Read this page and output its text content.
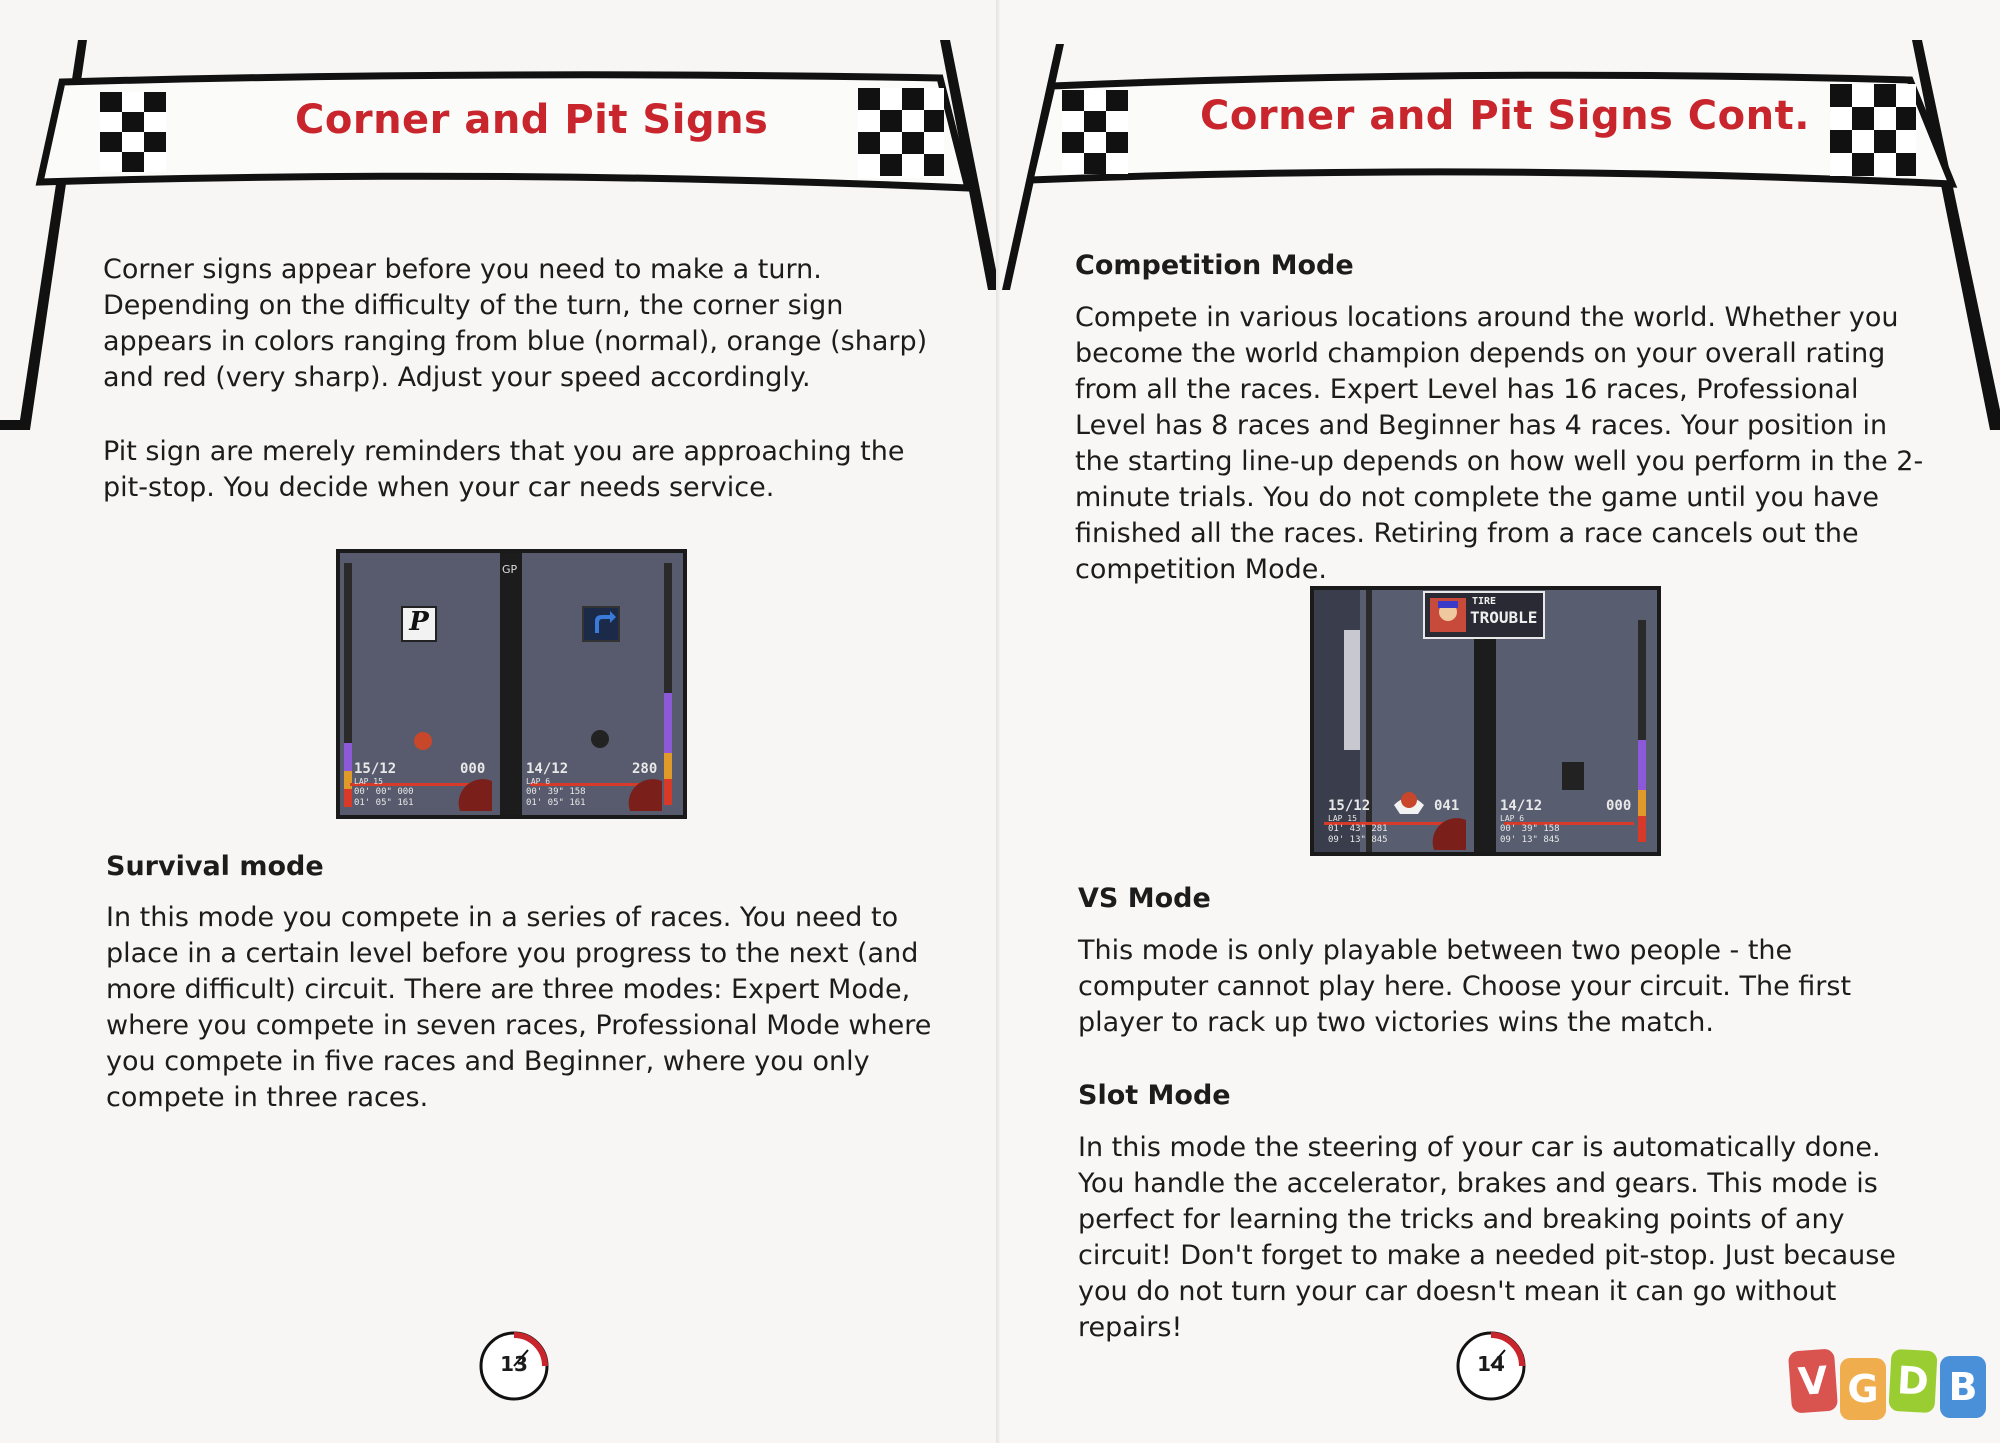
Corner and Pit Signs

Corner signs appear before you need to make a turn. Depending on the difficulty of the turn, the corner sign appears in colors ranging from blue (normal), orange (sharp) and red (very sharp). Adjust your speed accordingly.

Pit sign are merely reminders that you are approaching the pit-stop. You decide when your car needs service.

GP
P
15/12	000
LAP 15
00' 00" 000
01' 05" 161
14/12	280
LAP 6
00' 39" 158
01' 05" 161
Survival mode

In this mode you compete in a series of races. You need to place in a certain level before you progress to the next (and more difficult) circuit. There are three modes: Expert Mode, where you compete in seven races, Professional Mode where you compete in five races and Beginner, where you only compete in three races.

13
Corner and Pit Signs Cont.
Competition Mode

Compete in various locations around the world. Whether you become the world champion depends on your overall rating from all the races. Expert Level has 16 races, Professional Level has 8 races and Beginner has 4 races. Your position in the starting line-up depends on how well you perform in the 2-minute trials. You do not complete the game until you have finished all the races. Retiring from a race cancels out the competition Mode.

TIRE
TROUBLE
15/12	041
LAP 15
01' 43" 281
09' 13" 845
14/12	000
LAP 6
00' 39" 158
09' 13" 845
VS Mode

This mode is only playable between two people - the computer cannot play here. Choose your circuit. The first player to rack up two victories wins the match.

Slot Mode

In this mode the steering of your car is automatically done. You handle the accelerator, brakes and gears. This mode is perfect for learning the tricks and breaking points of any circuit! Don't forget to make a needed pit-stop. Just because you do not turn your car doesn't mean it can go without repairs!

14	V G D B
